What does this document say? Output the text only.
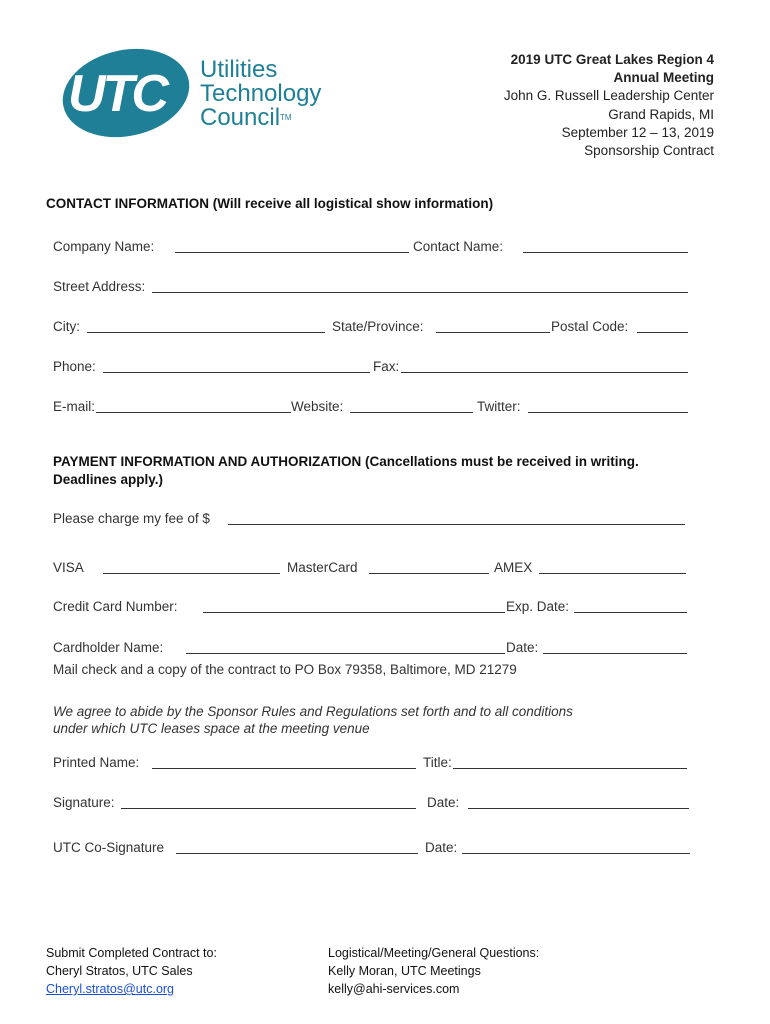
UTC Utilities
Technology
Council™
2019 UTC Great Lakes Region 4
Annual Meeting
John G. Russell Leadership Center
Grand Rapids, MI
September 12 – 13, 2019
Sponsorship Contract
CONTACT INFORMATION (Will receive all logistical show information)
Company Name:	Contact Name:
Street Address:
City:	State/Province:	Postal Code:
Phone:	Fax:
E-mail:	Website:	Twitter:
PAYMENT INFORMATION AND AUTHORIZATION (Cancellations must be received in writing.
Deadlines apply.)
Please charge my fee of $
VISA	MasterCard	AMEX
Credit Card Number:	Exp. Date:
Cardholder Name:	Date:
Mail check and a copy of the contract to PO Box 79358, Baltimore, MD 21279
We agree to abide by the Sponsor Rules and Regulations set forth and to all conditions
under which UTC leases space at the meeting venue
Printed Name:	Title:
Signature:	Date:
UTC Co-Signature	Date:
Submit Completed Contract to:
Cheryl Stratos, UTC Sales
Cheryl.stratos@utc.org
Logistical/Meeting/General Questions:
Kelly Moran, UTC Meetings
kelly@ahi-services.com
